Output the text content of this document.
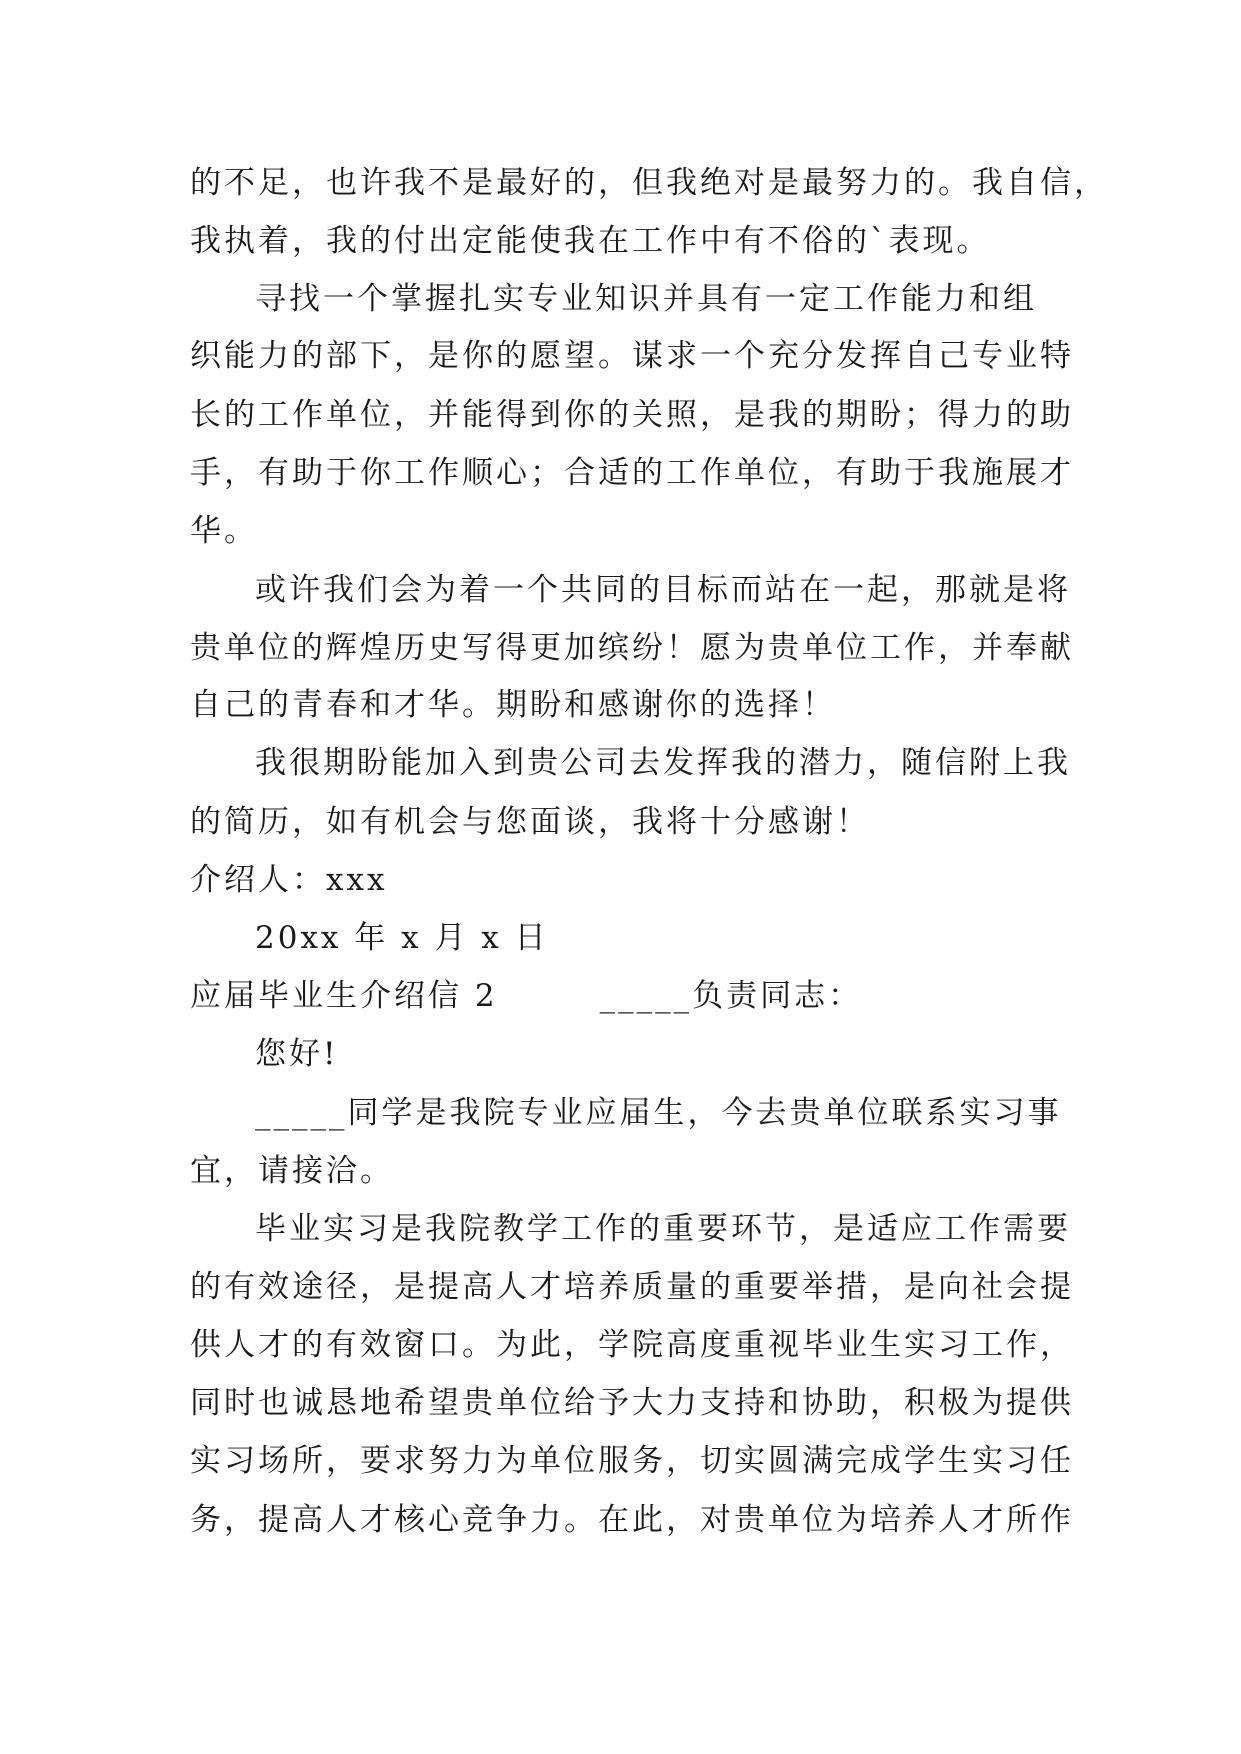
的不足，也许我不是最好的，但我绝对是最努力的。我自信，
我执着，我的付出定能使我在工作中有不俗的`表现。
寻找一个掌握扎实专业知识并具有一定工作能力和组
织能力的部下，是你的愿望。谋求一个充分发挥自己专业特
长的工作单位，并能得到你的关照，是我的期盼；得力的助
手，有助于你工作顺心；合适的工作单位，有助于我施展才
华。
或许我们会为着一个共同的目标而站在一起，那就是将
贵单位的辉煌历史写得更加缤纷！愿为贵单位工作，并奉献
自己的青春和才华。期盼和感谢你的选择！
我很期盼能加入到贵公司去发挥我的潜力，随信附上我
的简历，如有机会与您面谈，我将十分感谢！
介绍人：xxx
20xx 年 x 月 x 日
应届毕业生介绍信 2　　　_____负责同志：
您好!
_____同学是我院专业应届生，今去贵单位联系实习事
宜，请接洽。
毕业实习是我院教学工作的重要环节，是适应工作需要
的有效途径，是提高人才培养质量的重要举措，是向社会提
供人才的有效窗口。为此，学院高度重视毕业生实习工作，
同时也诚恳地希望贵单位给予大力支持和协助，积极为提供
实习场所，要求努力为单位服务，切实圆满完成学生实习任
务，提高人才核心竞争力。在此，对贵单位为培养人才所作
